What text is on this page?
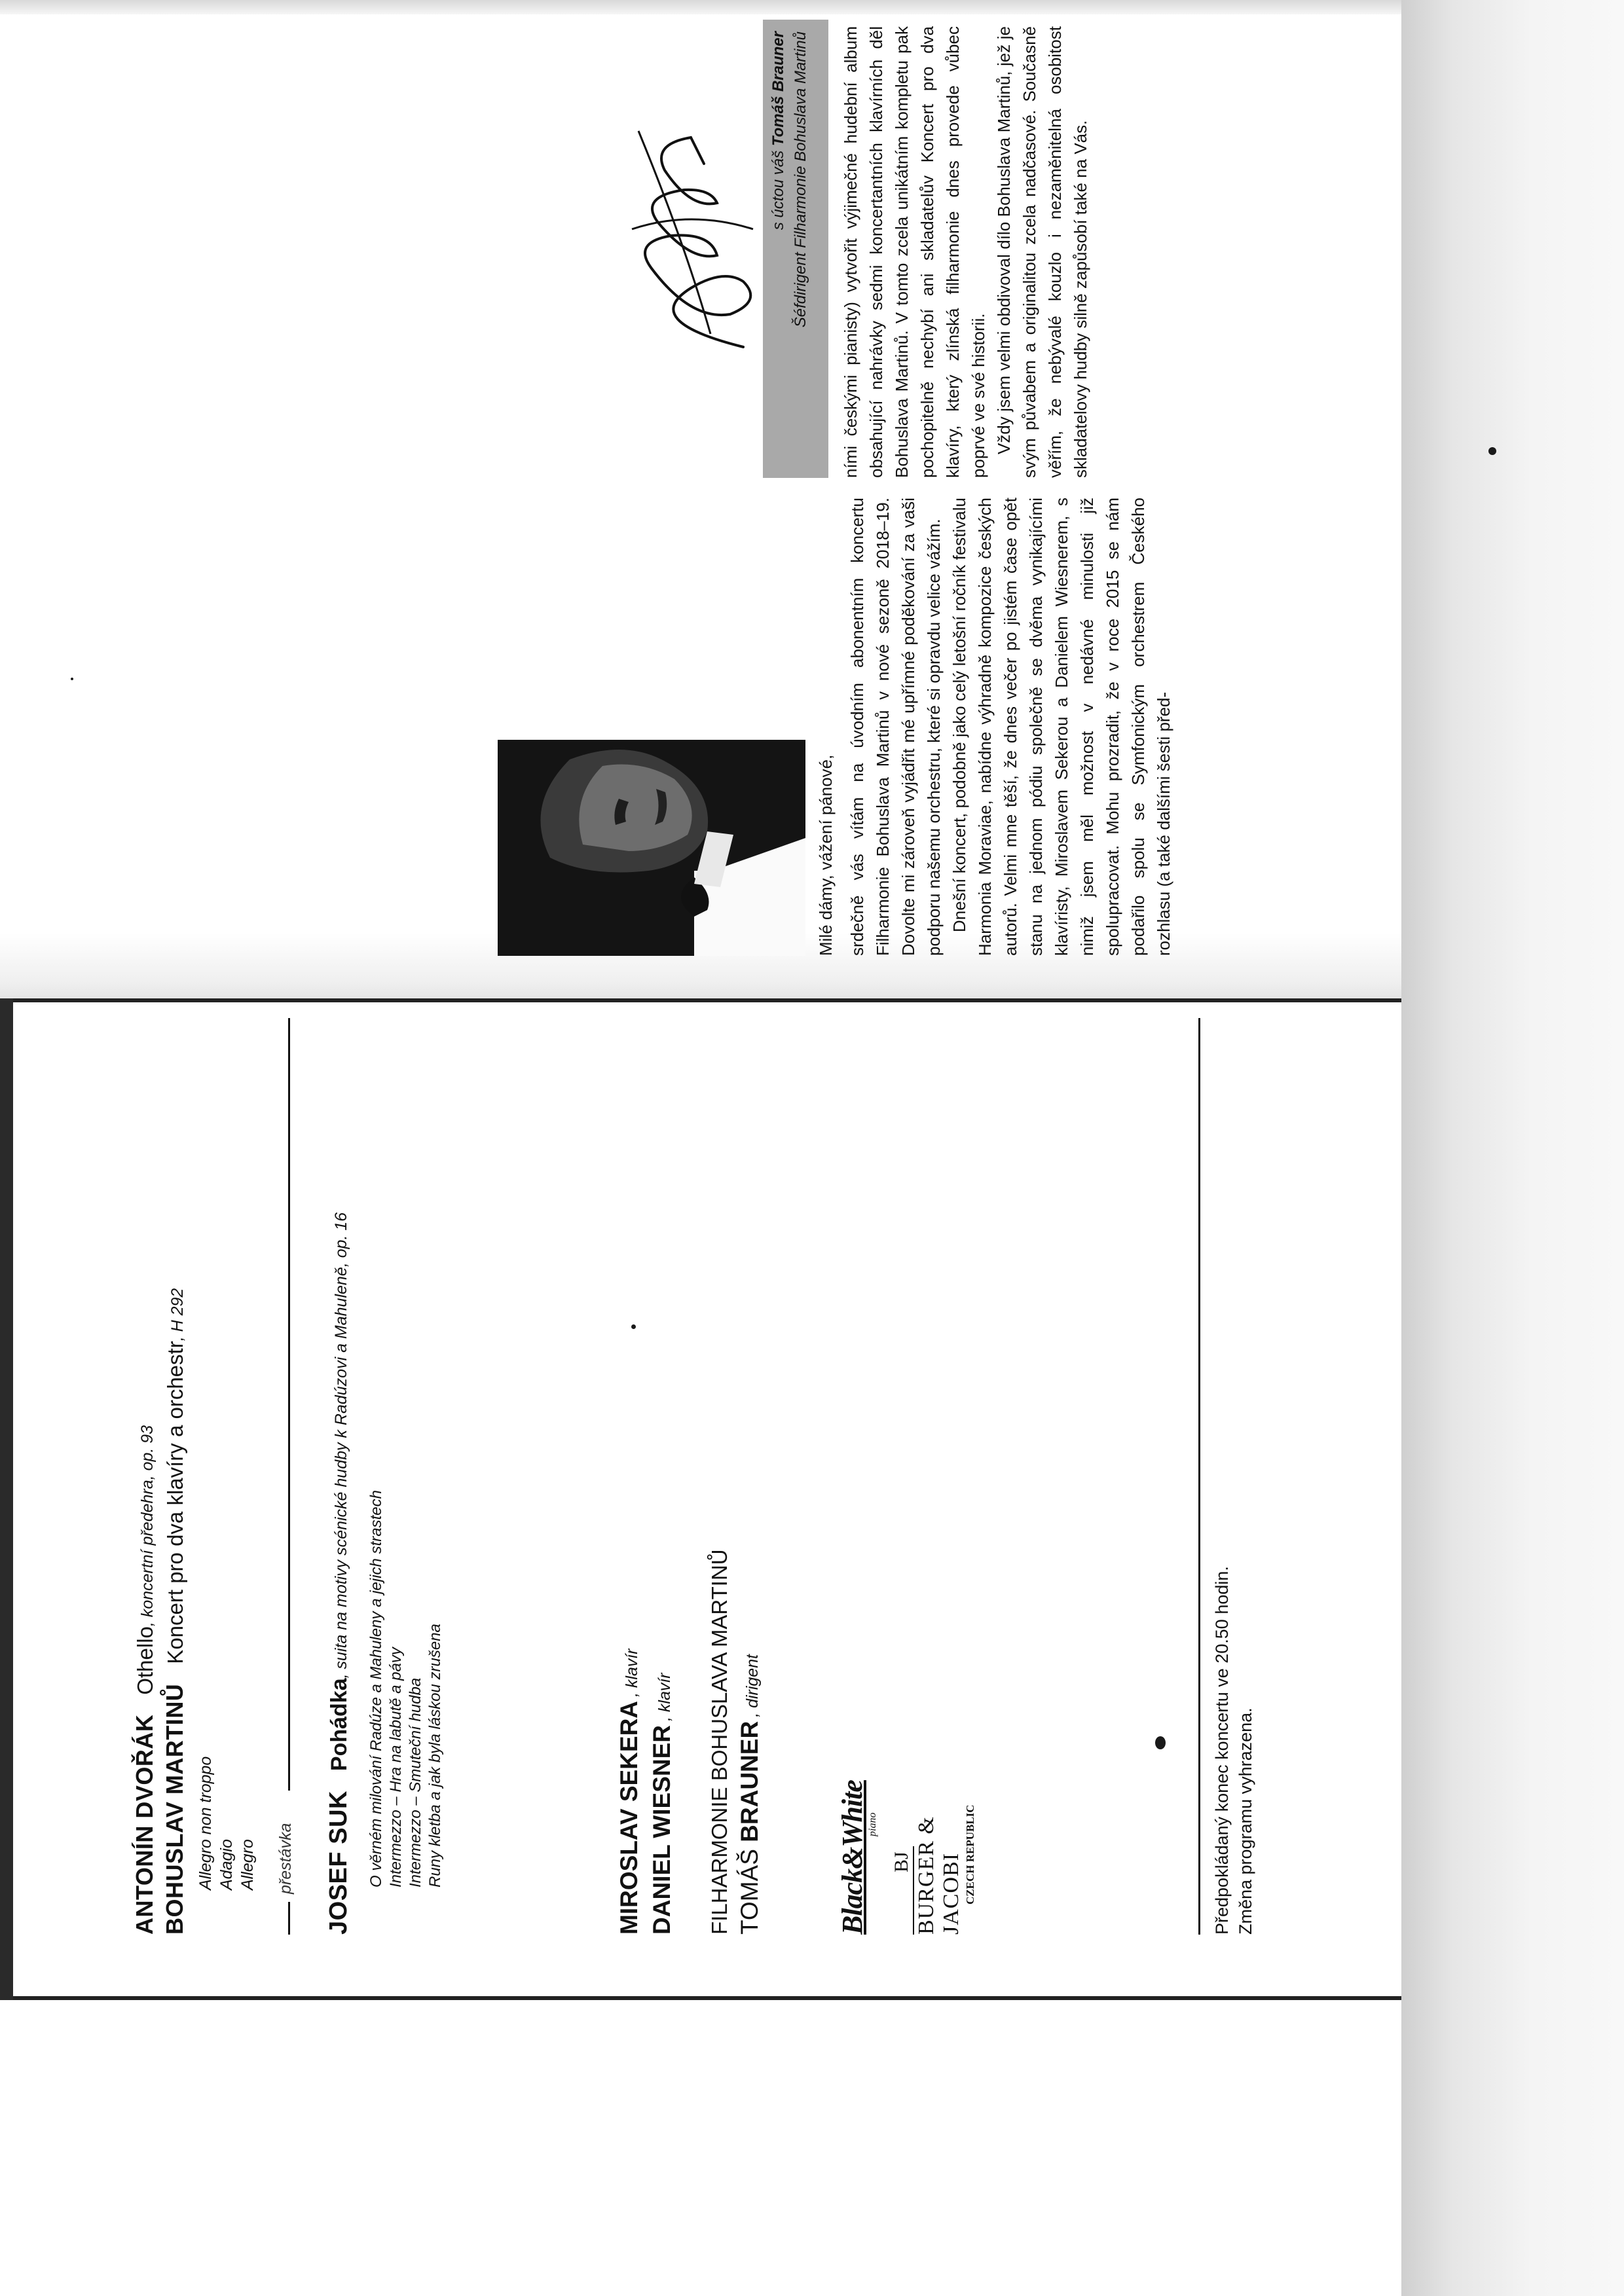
ANTONÍN DVOŘÁKOthello, koncertní předehra, op. 93
BOHUSLAV MARTINŮKoncert pro dva klavíry a orchestr, H 292
Allegro non troppo Adagio Allegro přestávka JOSEF SUKPohádka, suita na motivy scénické hudby k Radúzovi a Mahuleně, op. 16
O věrném milování Radúze a Mahuleny a jejich strastech Intermezzo – Hra na labutě a pávy Intermezzo – Smuteční hudba Runy kletba a jak byla láskou zrušena	MIROSLAV SEKERA, klavír
DANIEL WIESNER, klavír FILHARMONIE BOHUSLAVA MARTINŮ TOMÁŠ BRAUNER, dirigent
Black&White
piano
BJ BURGER & JACOBI CZECH REPUBLIC	Předpokládaný konec koncertu ve 20.50 hodin. Změna programu vyhrazena.
Milé dámy, vážení pánové, srdečně vás vítám na úvodním abonentním koncertu Filharmonie Bohuslava Martinů v nové sezoně 2018–19. Dovolte mi zároveň vyjádřit mé upřímné poděkování za vaši podporu našemu orchestru, které si opravdu velice vážím. Dnešní koncert, podobně jako celý letošní ročník festivalu Harmonia Moraviae, nabídne výhradně kompozice českých autorů. Velmi mne těší, že dnes večer po jistém čase opět stanu na jednom pódiu společně se dvěma vynikajícími klavíristy, Miroslavem Sekerou a Danielem Wiesnerem, s nimiž jsem měl možnost v nedávné minulosti již spolupracovat. Mohu prozradit, že v roce 2015 se nám podařilo spolu se Symfonickým orchestrem Českého rozhlasu (a také dalšími šesti před-

ními českými pianisty) vytvořit výjimečné hudební album obsahující nahrávky sedmi koncertantních klavírních děl Bohuslava Martinů. V tomto zcela unikátním kompletu pak pochopitelně nechybí ani skladatelův Koncert pro dva klavíry, který zlínská filharmonie dnes provede vůbec poprvé ve své historii. Vždy jsem velmi obdivoval dílo Bohuslava Martinů, jež je svým půvabem a originalitou zcela nadčasové. Současně věřím, že nebývalé kouzlo i nezaměnitelná osobitost skladatelovy hudby silně zapůsobí také na Vás.

s úctou váš Tomáš Brauner Šéfdirigent Filharmonie Bohuslava Martinů
